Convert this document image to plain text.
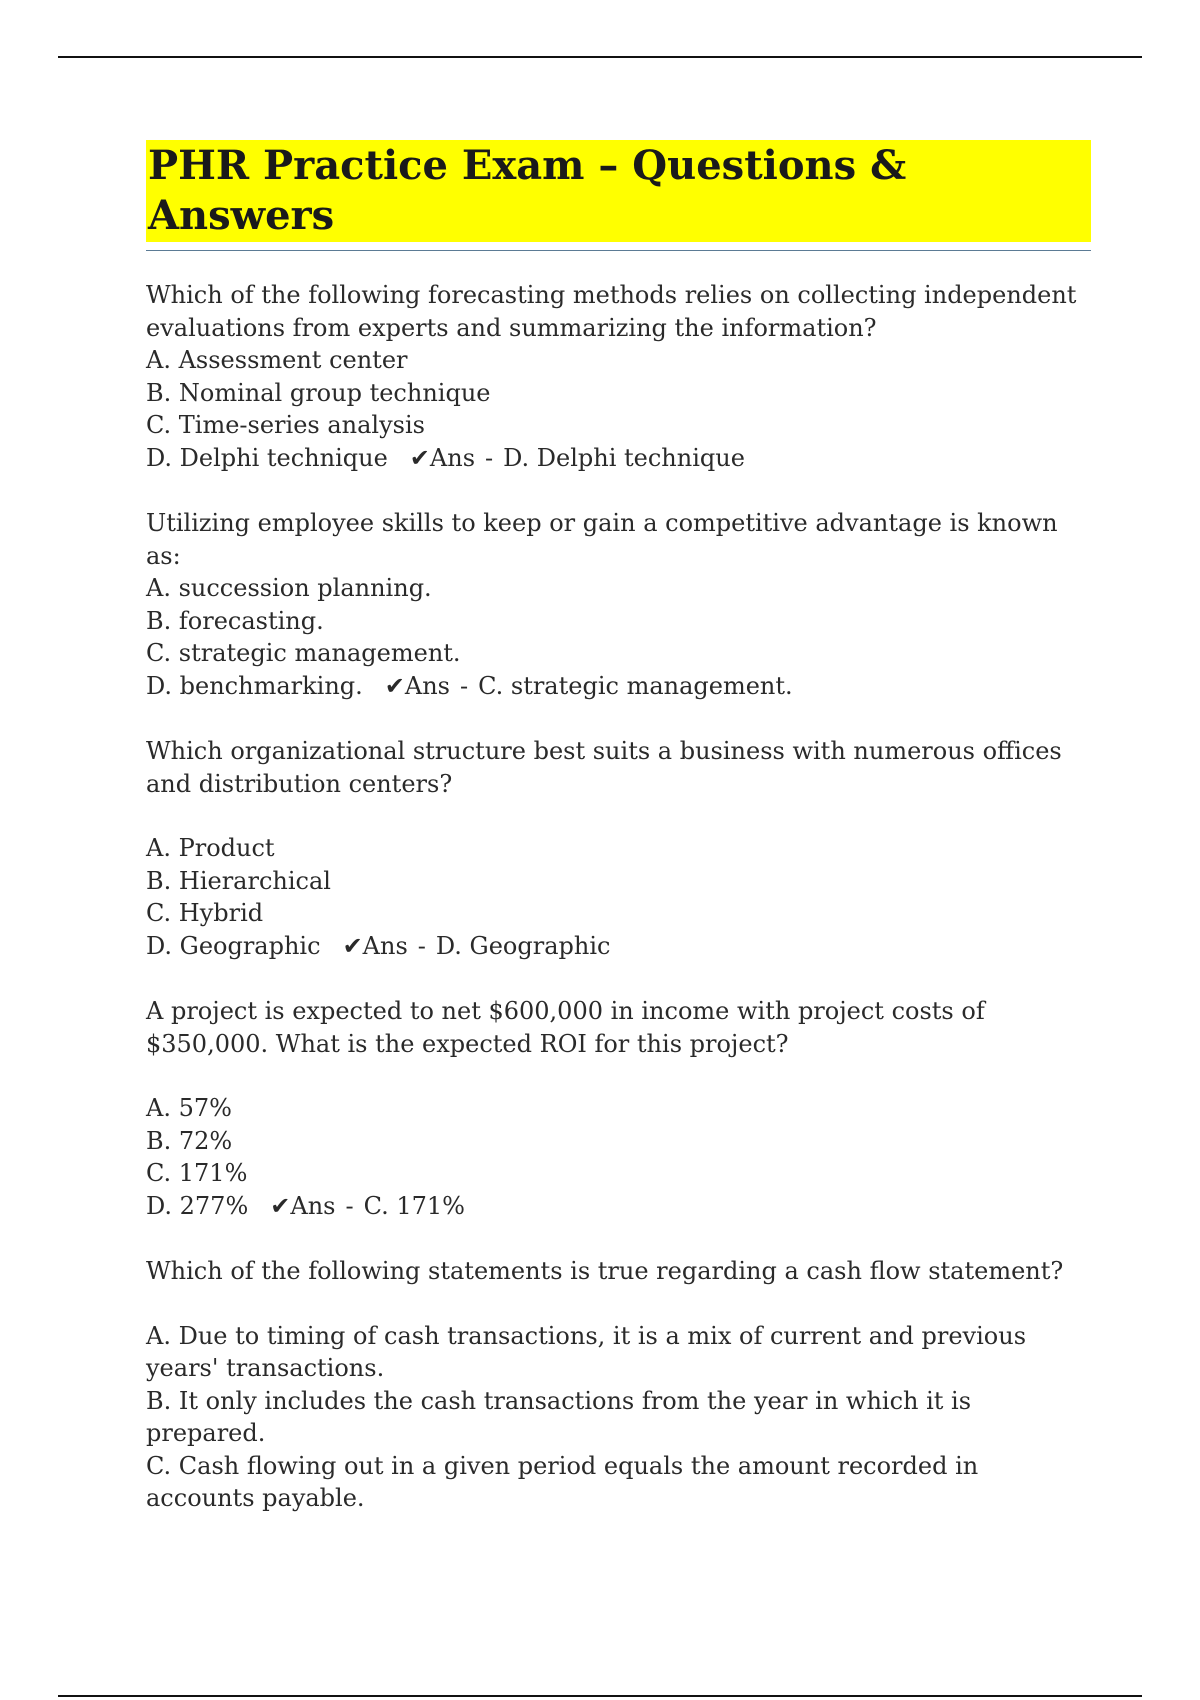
PHR Practice Exam – Questions & Answers
Which of the following forecasting methods relies on collecting independent evaluations from experts and summarizing the information?
A. Assessment center
B. Nominal group technique
C. Time-series analysis
D. Delphi technique ✔Ans - D. Delphi technique
Utilizing employee skills to keep or gain a competitive advantage is known as:
A. succession planning.
B. forecasting.
C. strategic management.
D. benchmarking. ✔Ans - C. strategic management.
Which organizational structure best suits a business with numerous offices and distribution centers?
A. Product
B. Hierarchical
C. Hybrid
D. Geographic ✔Ans - D. Geographic
A project is expected to net $600,000 in income with project costs of $350,000. What is the expected ROI for this project?
A. 57%
B. 72%
C. 171%
D. 277% ✔Ans - C. 171%
Which of the following statements is true regarding a cash flow statement?
A. Due to timing of cash transactions, it is a mix of current and previous years' transactions.
B. It only includes the cash transactions from the year in which it is prepared.
C. Cash flowing out in a given period equals the amount recorded in accounts payable.
